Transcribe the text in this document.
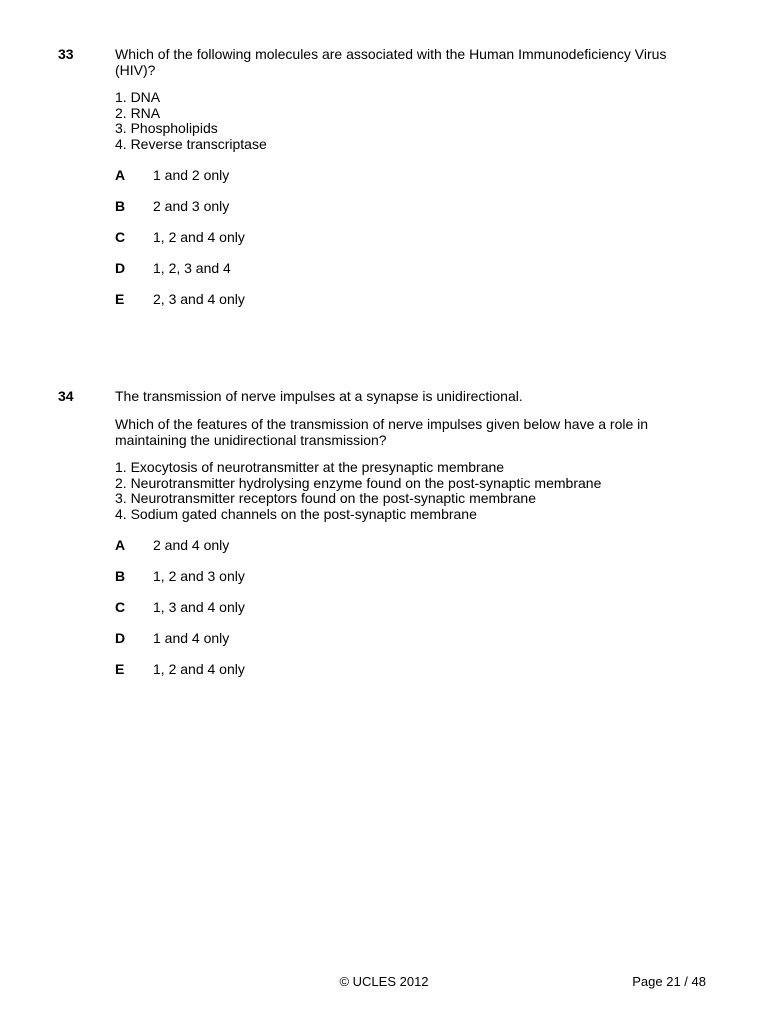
33	Which of the following molecules are associated with the Human Immunodeficiency Virus (HIV)?

1. DNA
2. RNA
3. Phospholipids
4. Reverse transcriptase
A 1 and 2 only
B 2 and 3 only
C 1, 2 and 4 only
D 1, 2, 3 and 4
E 2, 3 and 4 only
34	The transmission of nerve impulses at a synapse is unidirectional.

Which of the features of the transmission of nerve impulses given below have a role in maintaining the unidirectional transmission?

1. Exocytosis of neurotransmitter at the presynaptic membrane
2. Neurotransmitter hydrolysing enzyme found on the post-synaptic membrane
3. Neurotransmitter receptors found on the post-synaptic membrane
4. Sodium gated channels on the post-synaptic membrane
A 2 and 4 only
B 1, 2 and 3 only
C 1, 3 and 4 only
D 1 and 4 only
E 1, 2 and 4 only
© UCLES 2012	Page 21 / 48
